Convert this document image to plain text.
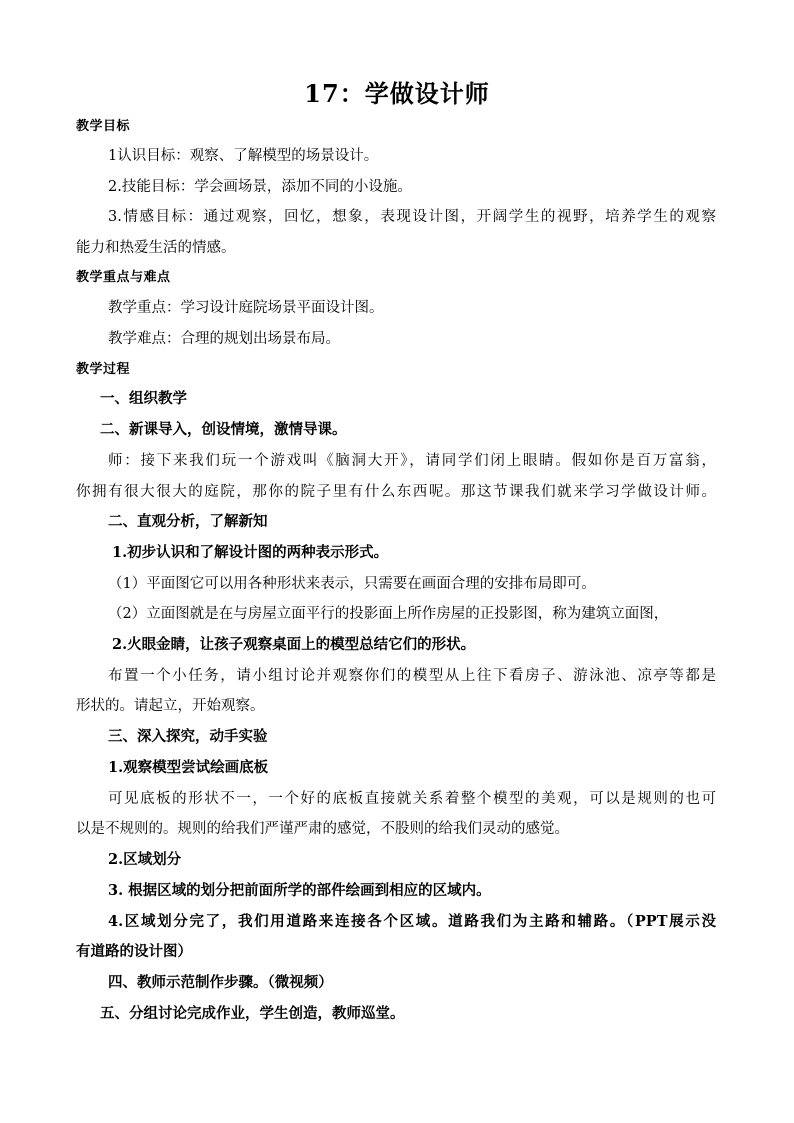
17：学做设计师
教学目标
1认识目标：观察、了解模型的场景设计。
2.技能目标：学会画场景，添加不同的小设施。
3.情感目标：通过观察，回忆，想象，表现设计图，开阔学生的视野，培养学生的观察
能力和热爱生活的情感。
教学重点与难点
教学重点：学习设计庭院场景平面设计图。
教学难点：合理的规划出场景布局。
教学过程
一、组织教学
二、新课导入，创设情境，激情导课。
师：接下来我们玩一个游戏叫《脑洞大开》，请同学们闭上眼睛。假如你是百万富翁，
你拥有很大很大的庭院，那你的院子里有什么东西呢。那这节课我们就来学习学做设计师。
二、直观分析，了解新知
1.初步认识和了解设计图的两种表示形式。
（1）平面图它可以用各种形状来表示，只需要在画面合理的安排布局即可。
（2）立面图就是在与房屋立面平行的投影面上所作房屋的正投影图，称为建筑立面图，
2.火眼金睛，让孩子观察桌面上的模型总结它们的形状。
布置一个小任务，请小组讨论并观察你们的模型从上往下看房子、游泳池、凉亭等都是
形状的。请起立，开始观察。
三、深入探究，动手实验
1.观察模型尝试绘画底板
可见底板的形状不一，一个好的底板直接就关系着整个模型的美观，可以是规则的也可
以是不规则的。规则的给我们严谨严肃的感觉，不股则的给我们灵动的感觉。
2.区域划分
3. 根据区域的划分把前面所学的部件绘画到相应的区域内。
4.区域划分完了，我们用道路来连接各个区域。道路我们为主路和辅路。（PPT展示没
有道路的设计图）
四、教师示范制作步骤。（微视频）
五、分组讨论完成作业，学生创造，教师巡堂。
